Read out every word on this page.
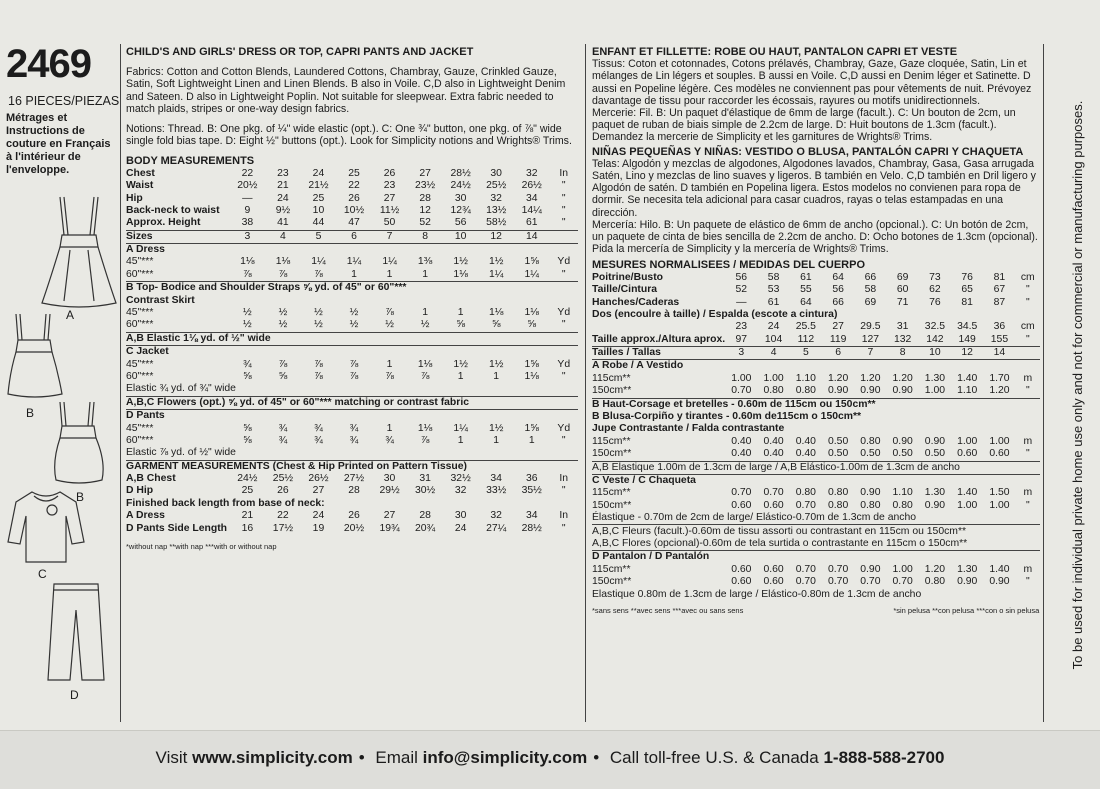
2469
16 PIECES/PIEZAS
Métrages et Instructions de couture en Français à l'intérieur de l'enveloppe.
A
B
B
C
D

CHILD'S AND GIRLS' DRESS OR TOP, CAPRI PANTS AND JACKET

Fabrics: Cotton and Cotton Blends, Laundered Cottons, Chambray, Gauze, Crinkled Gauze, Satin, Soft Lightweight Linen and Linen Blends. B also in Voile. C,D also in Lightweight Denim and Sateen. D also in Lightweight Poplin. Not suitable for sleepwear. Extra fabric needed to match plaids, stripes or one-way design fabrics.

Notions: Thread. B: One pkg. of ¼" wide elastic (opt.). C: One ¾" button, one pkg. of ⅞" wide single fold bias tape. D: Eight ½" buttons (opt.). Look for Simplicity notions and Wrights® Trims.

BODY MEASUREMENTS

Chest	22	23	24	25	26	27	28½	30	32	In
Waist	20½	21	21½	22	23	23½	24½	25½	26½	"
Hip	—	24	25	26	27	28	30	32	34	"
Back-neck to waist	9	9½	10	10½	11½	12	12¾	13½	14¼	"
Approx. Height	38	41	44	47	50	52	56	58½	61	"
Sizes	3	4	5	6	7	8	10	12	14	
A Dress										
45"***	1⅛	1⅛	1¼	1¼	1¼	1⅜	1½	1½	1⅝	Yd
60"***	⅞	⅞	⅞	1	1	1	1⅛	1¼	1¼	"
B Top- Bodice and Shoulder Straps ⅝ yd. of 45" or 60"***										
Contrast Skirt										
45"***	½	½	½	½	⅞	1	1	1⅛	1⅛	Yd
60"***	½	½	½	½	½	½	⅝	⅝	⅝	"
A,B Elastic 1⅛ yd. of ½" wide										
C Jacket										
45"***	¾	⅞	⅞	⅞	1	1⅛	1½	1½	1⅝	Yd
60"***	⅝	⅝	⅞	⅞	⅞	⅞	1	1	1⅛	"
Elastic ¾ yd. of ¾" wide										
A,B,C Flowers (opt.) ⅝ yd. of 45" or 60"*** matching or contrast fabric										
D Pants										
45"***	⅝	¾	¾	¾	1	1⅛	1¼	1½	1⅝	Yd
60"***	⅝	¾	¾	¾	¾	⅞	1	1	1	"
Elastic ⅞ yd. of ½" wide										
GARMENT MEASUREMENTS (Chest & Hip Printed on Pattern Tissue)										
A,B Chest	24½	25½	26½	27½	30	31	32½	34	36	In
D Hip	25	26	27	28	29½	30½	32	33½	35½	"
Finished back length from base of neck:										
A Dress	21	22	24	26	27	28	30	32	34	In
D Pants Side Length	16	17½	19	20½	19¾	20¾	24	27¼	28½	"

*without nap **with nap ***with or without nap

ENFANT ET FILLETTE: ROBE OU HAUT, PANTALON CAPRI ET VESTE

Tissus: Coton et cotonnades, Cotons prélavés, Chambray, Gaze, Gaze cloquée, Satin, Lin et mélanges de Lin légers et souples. B aussi en Voile. C,D aussi en Denim léger et Satinette. D aussi en Popeline légère. Ces modèles ne conviennent pas pour vêtements de nuit. Prévoyez davantage de tissu pour raccorder les écossais, rayures ou motifs unidirectionnels.

Mercerie: Fil. B: Un paquet d'élastique de 6mm de large (facult.). C: Un bouton de 2cm, un paquet de ruban de biais simple de 2.2cm de large. D: Huit boutons de 1.3cm (facult.). Demandez la mercerie de Simplicity et les garnitures de Wrights® Trims.

NIÑAS PEQUEÑAS Y NIÑAS: VESTIDO O BLUSA, PANTALÓN CAPRI Y CHAQUETA

Telas: Algodón y mezclas de algodones, Algodones lavados, Chambray, Gasa, Gasa arrugada Satén, Lino y mezclas de lino suaves y ligeros. B también en Velo. C,D también en Dril ligero y Algodón de satén. D también en Popelina ligera. Estos modelos no convienen para ropa de dormir. Se necesita tela adicional para casar cuadros, rayas o telas estampadas en una dirección.

Mercería: Hilo. B: Un paquete de elástico de 6mm de ancho (opcional.). C: Un botón de 2cm, un paquete de cinta de bies sencilla de 2.2cm de ancho. D: Ocho botones de 1.3cm (opcional). Pida la mercería de Simplicity y la mercería de Wrights® Trims.

MESURES NORMALISEES / MEDIDAS DEL CUERPO

Poitrine/Busto	56	58	61	64	66	69	73	76	81	cm
Taille/Cintura	52	53	55	56	58	60	62	65	67	"
Hanches/Caderas	—	61	64	66	69	71	76	81	87	"
Dos (encoulre à taille) / Espalda (escote a cintura)										
	23	24	25.5	27	29.5	31	32.5	34.5	36	cm
Taille approx./Altura aprox.	97	104	112	119	127	132	142	149	155	"
Tailles / Tallas	3	4	5	6	7	8	10	12	14	
A Robe / A Vestido										
115cm**	1.00	1.00	1.10	1.20	1.20	1.20	1.30	1.40	1.70	m
150cm**	0.70	0.80	0.80	0.90	0.90	0.90	1.00	1.10	1.20	"
B Haut-Corsage et bretelles - 0.60m de 115cm ou 150cm**										
B Blusa-Corpiño y tirantes - 0.60m de115cm o 150cm**										
Jupe Contrastante / Falda contrastante										
115cm**	0.40	0.40	0.40	0.50	0.80	0.90	0.90	1.00	1.00	m
150cm**	0.40	0.40	0.40	0.50	0.50	0.50	0.50	0.60	0.60	"
A,B Elastique 1.00m de 1.3cm de large / A,B Elástico-1.00m de 1.3cm de ancho										
C Veste / C Chaqueta										
115cm**	0.70	0.70	0.80	0.80	0.90	1.10	1.30	1.40	1.50	m
150cm**	0.60	0.60	0.70	0.80	0.80	0.80	0.90	1.00	1.00	"
Élastique - 0.70m de 2cm de large/ Elástico-0.70m de 1.3cm de ancho										
A,B,C Fleurs (facult.)-0.60m de tissu assorti ou contrastant en 115cm ou 150cm**										
A,B,C Flores (opcional)-0.60m de tela surtida o contrastante en 115cm o 150cm**										
D Pantalon / D Pantalón										
115cm**	0.60	0.60	0.70	0.70	0.90	1.00	1.20	1.30	1.40	m
150cm**	0.60	0.60	0.70	0.70	0.70	0.70	0.80	0.90	0.90	"
Elastique 0.80m de 1.3cm de large / Elástico-0.80m de 1.3cm de ancho										

*sans sens **avec sens ***avec ou sans sens	*sin pelusa **con pelusa ***con o sin pelusa To be used for individual private home use only and not for commercial or manufacturing purposes.
Visit www.simplicity.com • Email info@simplicity.com • Call toll-free U.S. & Canada 1-888-588-2700
